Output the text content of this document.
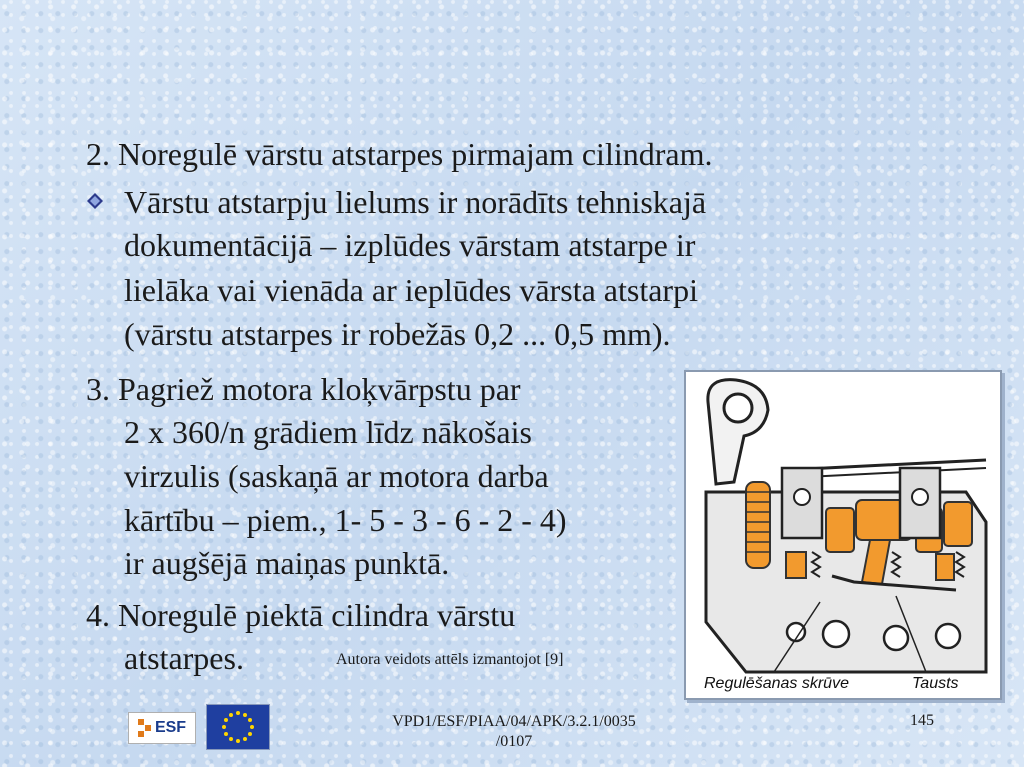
2. Noregulē vārstu atstarpes pirmajam cilindram.
Vārstu atstarpju lielums ir norādīts tehniskajā
dokumentācijā – izplūdes vārstam atstarpe ir
lielāka vai vienāda ar ieplūdes vārsta atstarpi
(vārstu atstarpes ir robežās 0,2 ... 0,5 mm).
3. Pagriež motora kloķvārpstu par
2 x 360/n grādiem līdz nākošais
virzulis (saskaņā ar motora darba
kārtību – piem., 1- 5 - 3 - 6 - 2 - 4)
ir augšējā maiņas punktā.
4. Noregulē piektā cilindra vārstu
atstarpes.	Autora veidots attēls izmantojot [9]
Regulēšanas skrūve	Tausts
ESF	VPD1/ESF/PIAA/04/APK/3.2.1/0035
/0107
145
